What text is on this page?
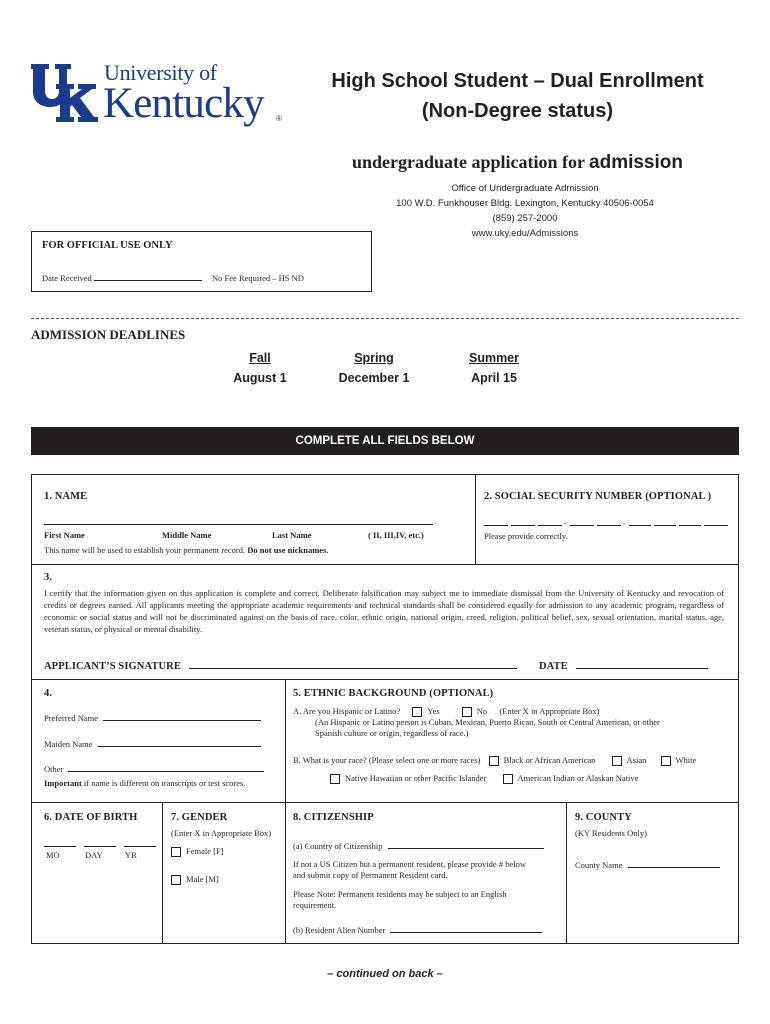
University of
Kentucky ®
High School Student – Dual Enrollment
(Non-Degree status)
undergraduate application for admission
Office of Undergraduate Admission
100 W.D. Funkhouser Bldg. Lexington, Kentucky 40506-0054
(859) 257-2000
www.uky.edu/Admissions
FOR OFFICIAL USE ONLY
Date Received	No Fee Required – HS ND
ADMISSION DEADLINES
Fall
August 1
Spring
December 1
Summer
April 15
COMPLETE ALL FIELDS BELOW
1. NAME
First Name	Middle Name	Last Name	( II, III,IV, etc.)
This name will be used to establish your permanent record. Do not use nicknames.
2. SOCIAL SECURITY NUMBER (OPTIONAL )
-	-
Please provide correctly.
3.
I certify that the information given on this application is complete and correct. Deliberate falsification may subject me to immediate dismissal from the University of Kentucky and revocation of credits or degrees earned. All applicants meeting the appropriate academic requirements and technical standards shall be considered equally for admission to any academic program, regardless of economic or social status and will not be discriminated against on the basis of race, color, ethnic origin, national origin, creed, religion, political belief, sex, sexual orientation, marital status, age, veteran status, or physical or mental disability.
APPLICANT’S SIGNATURE	DATE
4.
Preferred Name
Maiden Name
Other
Important if name is different on transcripts or test scores.
5. ETHNIC BACKGROUND (OPTIONAL)
A. Are you Hispanic or Latino?	Yes	No (Enter X in Appropriate Box)
(An Hispanic or Latino person is Cuban, Mexican, Puerto Rican, South or Central American, or other
Spanish culture or origin, regardless of race.)
B. What is your race? (Please select one or more races)	Black or African American	Asian	White
Native Hawaiian or other Pacific Islander	American Indian or Alaskan Native
6. DATE OF BIRTH
MO	DAY	YR
7. GENDER
(Enter X in Appropriate Box)
Female [F]
Male [M]
8. CITIZENSHIP
(a) Country of Citizenship
If not a US Citizen but a permanent resident, please provide # below
and submit copy of Permanent Resident card.
Please Note: Permanent residents may be subject to an English
requirement.
(b) Resident Alien Number
9. COUNTY
(KY Residents Only)
County Name
– continued on back –
